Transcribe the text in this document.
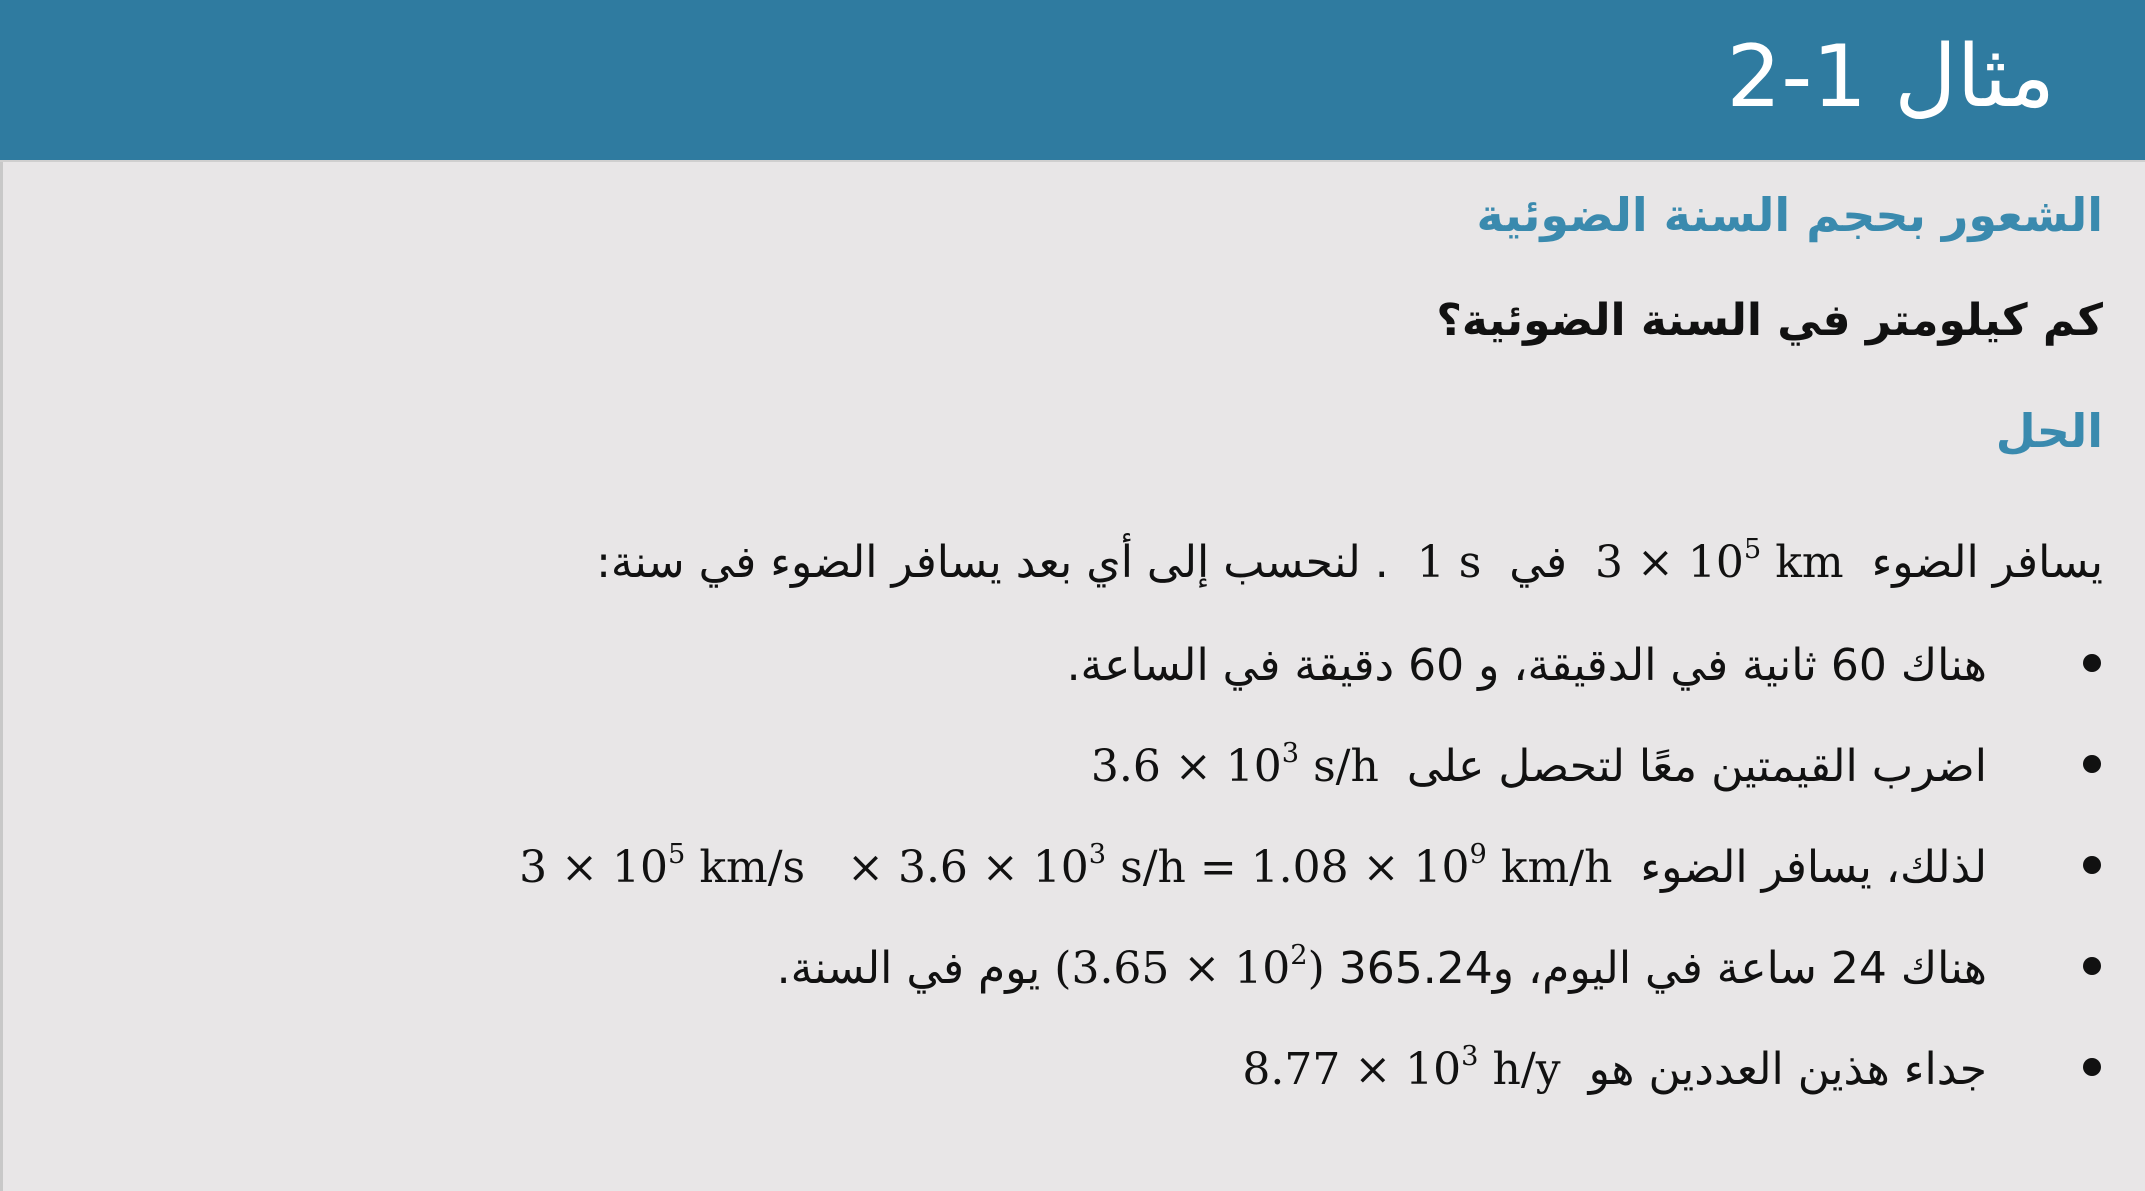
مثال 1-2
الشعور بحجم السنة الضوئية
كم كيلومتر في السنة الضوئية؟
الحل
يسافر الضوء $3 \times 10^5$ km في 1 s . لنحسب إلى أي بعد يسافر الضوء في سنة:
هناك 60 ثانية في الدقيقة، و 60 دقيقة في الساعة.
اضرب القيمتين معًا لتحصل على $3.6 \times 10^3$ s/h
لذلك، يسافر الضوء $3 \times 10^5$ $km/s \times 3.6 \times 10^3$ $s/h = 1.08 \times 10^9$ km/h
هناك 24 ساعة في اليوم، و365.24(3.65 × $10^2$) يوم في السنة.
جداء هذين العددين هو $8.77 \times 10^3$ h/y
